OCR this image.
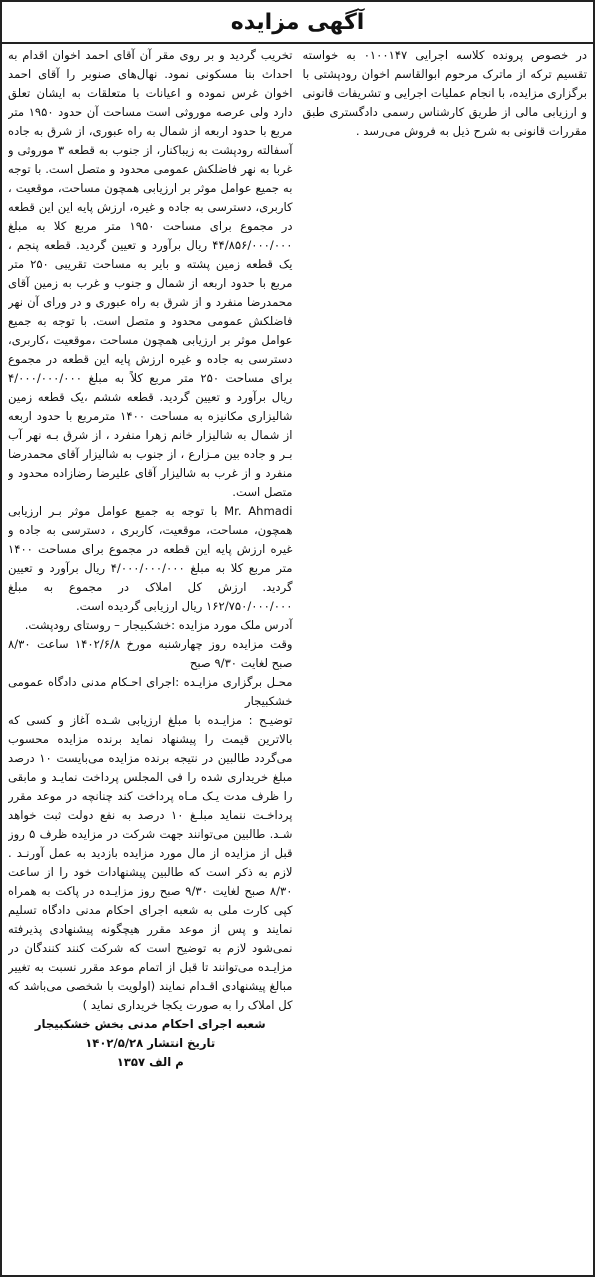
آگهی مزایده

در خصوص پرونده کلاسه اجرایی ۰۱۰۰۱۴۷ به خواسته تقسیم ترکه از ماترک مرحوم ابوالقاسم اخوان رودپشتی با برگزاری مزایده، با انجام عملیات اجرایی و تشریفات قانونی و ارزیابی مالی از طریق کارشناس رسمی دادگستری طبق مقررات قانونی به شرح ذیل به فروش می‌رسد .

تخریب گردید و بر روی مقر آن آقای احمد اخوان اقدام به احداث بنا مسکونی نمود. نهال‌های صنوبر را آقای احمد اخوان غرس نموده و اعیانات با متعلقات به ایشان تعلق دارد ولی عرصه موروثی است مساحت آن حدود ۱۹۵۰ متر مربع با حدود اربعه از شمال به راه عبوری، از شرق به جاده آسفالته رودپشت به زیباکنار، از جنوب به قطعه ۳ موروثی و غربا به نهر فاضلکش عمومی محدود و متصل است. با توجه به جمیع عوامل موثر بر ارزیابی همچون مساحت، موقعیت ، کاربری، دسترسی به جاده و غیره، ارزش پایه این این قطعه در مجموع برای مساحت ۱۹۵۰ متر مربع کلا به مبلغ ۴۴/۸۵۶/۰۰۰/۰۰۰ ریال برآورد و تعیین گردید. قطعه پنجم ، یک قطعه زمین پشته و بایر به مساحت تقریبی ۲۵۰ متر مربع با حدود اربعه از شمال و جنوب و غرب به زمین آقای محمدرضا منفرد و از شرق به راه عبوری و در ورای آن نهر فاضلکش عمومی محدود و متصل است. با توجه به جمیع عوامل موثر بر ارزیابی همچون مساحت ،موقعیت ،کاربری، دسترسی به جاده و غیره ارزش پایه این قطعه در مجموع برای مساحت ۲۵۰ متر مربع کلاً به مبلغ ۴/۰۰۰/۰۰۰/۰۰۰ ریال برآورد و تعیین گردید. قطعه ششم ،یک قطعه زمین شالیزاری مکانیزه به مساحت ۱۴۰۰ مترمربع با حدود اربعه از شمال به شالیزار خانم زهرا منفرد ، از شرق بـه نهر آب بـر و جاده بین مـزارع ، از جنوب به شالیزار آقای محمدرضا منفرد و از غرب به شالیزار آقای علیرضا رضازاده محدود و متصل است.

Mr. Ahmadi با توجه به جمیع عوامل موثر بـر ارزیابی همچون، مساحت، موقعیت، کاربری ، دسترسی به جاده و غیره ارزش پایه این قطعه در مجموع برای مساحت ۱۴۰۰ متر مربع کلا به مبلغ ۴/۰۰۰/۰۰۰/۰۰۰ ریال برآورد و تعیین گردید. ارزش کل املاک در مجموع به مبلغ ۱۶۲/۷۵۰/۰۰۰/۰۰۰ ریال ارزیابی گردیده است.

آدرس ملک مورد مزایده :خشکبیجار – روستای رودپشت.

وقت مزایده روز چهارشنبه مورخ ۱۴۰۲/۶/۸ ساعت ۸/۳۰ صبح لغایت ۹/۳۰ صبح

محـل برگزاری مزایـده :اجرای احـکام مدنی دادگاه عمومی خشکبیجار

توضیـح : مزایـده با مبلغ ارزیابی شـده آغاز و کسی که بالاترین قیمت را پیشنهاد نماید برنده مزایده محسوب می‌گردد طالبین در نتیجه برنده مزایده می‌بایست ۱۰ درصد مبلغ خریداری شده را فی المجلس پرداخت نمایـد و مابقی را ظرف مدت یـک مـاه پرداخت کند چنانچه در موعد مقرر پرداخـت ننماید مبلـغ ۱۰ درصد به نفع دولت ثبت خواهد شـد. طالبین می‌توانند جهت شرکت در مزایده ظرف ۵ روز قبل از مزایده از مال مورد مزایده بازدید به عمل آورنـد . لازم به ذکر است که طالبین پیشنهادات خود را از ساعت ۸/۳۰ صبح لغایت ۹/۳۰ صبح روز مزایـده در پاکت به همراه کپی کارت ملی به شعبه اجرای احکام مدنی دادگاه تسلیم نمایند و پس از موعد مقرر هیچگونه پیشنهادی پذیرفته نمی‌شود لازم به توضیح است که شرکت کنند کنندگان در مزایـده می‌توانند تا قبل از اتمام موعد مقرر نسبت به تغییر مبالغ پیشنهادی اقـدام نمایند (اولویت با شخصی می‌باشد که کل املاک را به صورت یکجا خریداری نماید )

شعبه اجرای احکام مدنی بخش خشکبیجار

تاریخ انتشار ۱۴۰۲/۵/۲۸

م الف ۱۳۵۷
